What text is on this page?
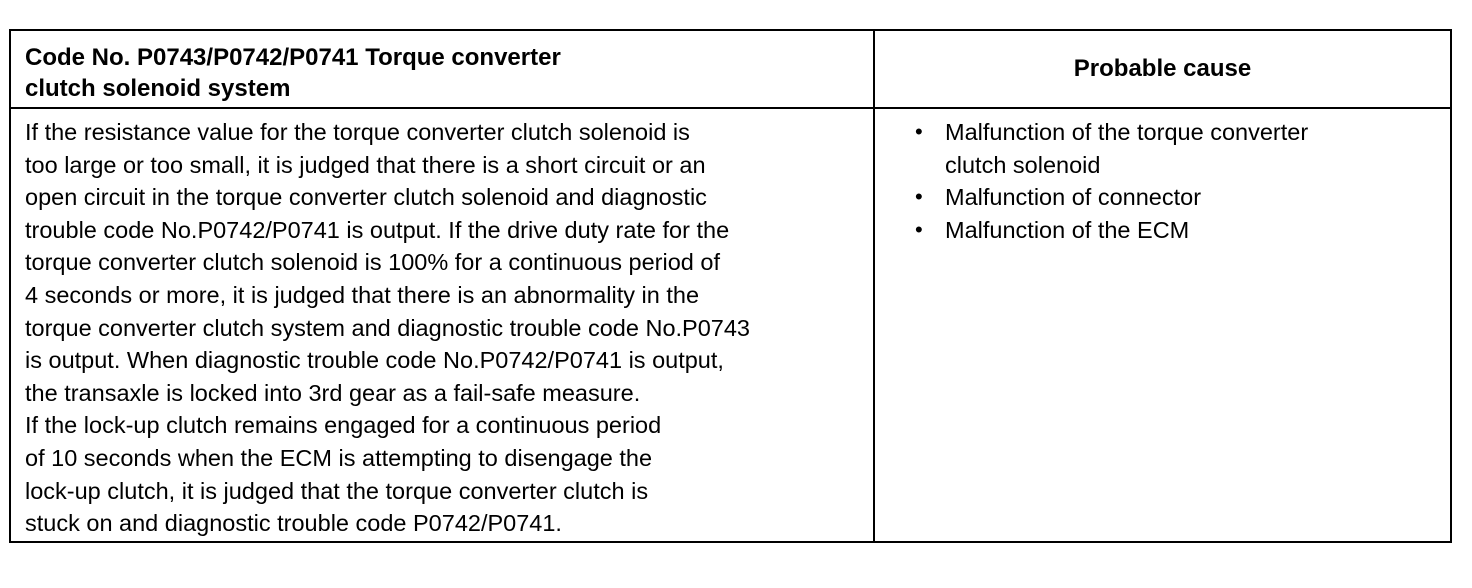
Code No. P0743/P0742/P0741 Torque converter
clutch solenoid system
Probable cause
If the resistance value for the torque converter clutch solenoid is
too large or too small, it is judged that there is a short circuit or an
open circuit in the torque converter clutch solenoid and diagnostic
trouble code No.P0742/P0741 is output. If the drive duty rate for the
torque converter clutch solenoid is 100% for a continuous period of
4 seconds or more, it is judged that there is an abnormality in the
torque converter clutch system and diagnostic trouble code No.P0743
is output. When diagnostic trouble code No.P0742/P0741 is output,
the transaxle is locked into 3rd gear as a fail-safe measure.
If the lock-up clutch remains engaged for a continuous period
of 10 seconds when the ECM is attempting to disengage the
lock-up clutch, it is judged that the torque converter clutch is
stuck on and diagnostic trouble code P0742/P0741.
• Malfunction of the torque converter
clutch solenoid
• Malfunction of connector
• Malfunction of the ECM
